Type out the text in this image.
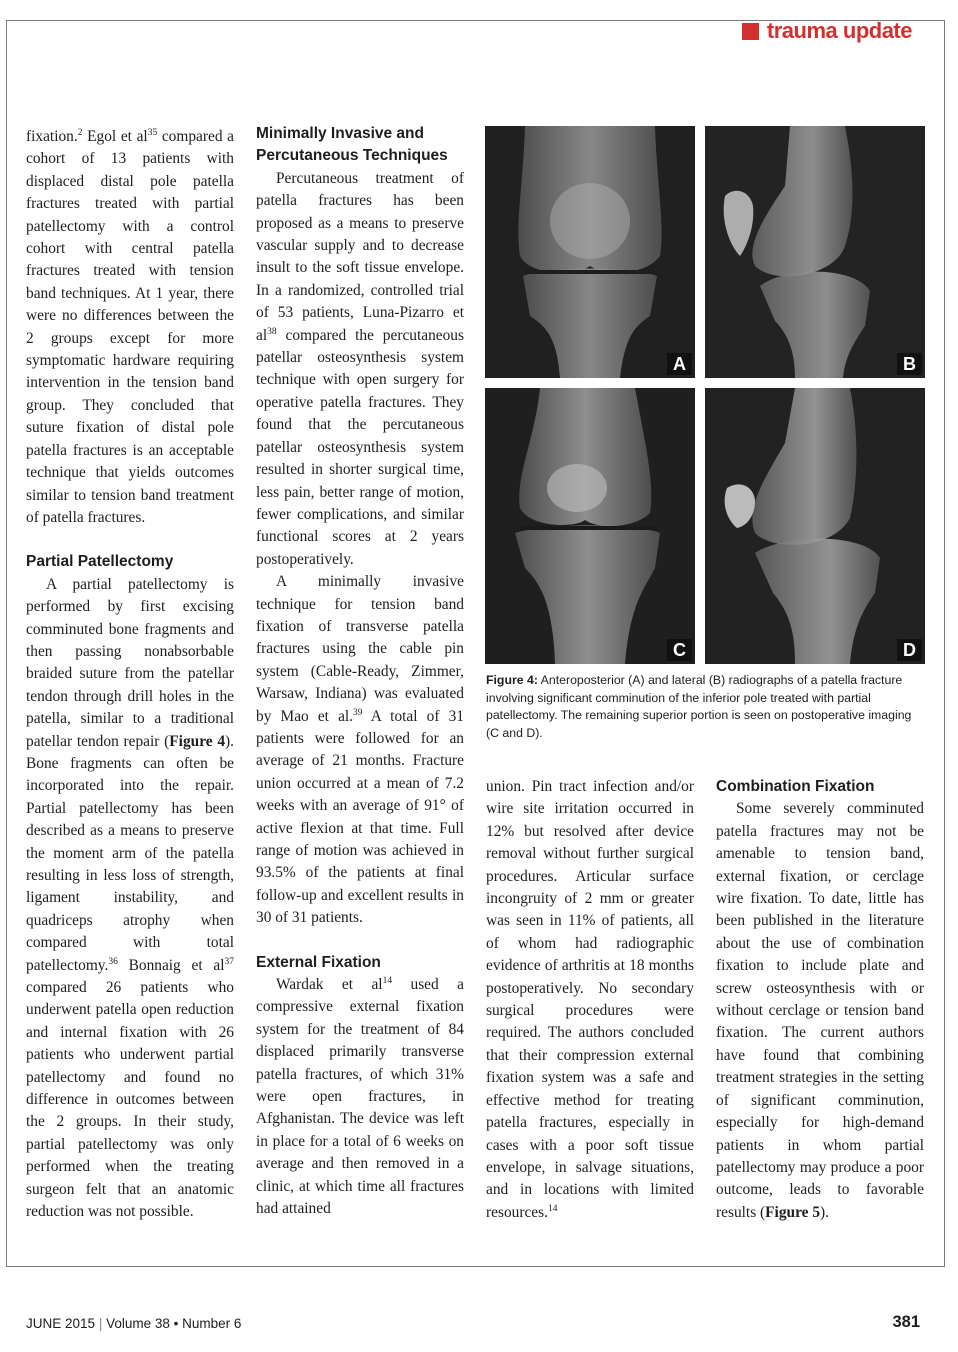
trauma update

fixation.$^2$ Egol et $al^{35}$ compared a cohort of 13 patients with displaced distal pole patella fractures treated with partial patellectomy with a control cohort with central patella fractures treated with tension band techniques. At 1 year, there were no differences between the 2 groups except for more symptomatic hardware requiring intervention in the tension band group. They concluded that suture fixation of distal pole patella fractures is an acceptable technique that yields outcomes similar to tension band treatment of patella fractures.

Partial Patellectomy

A partial patellectomy is performed by first excising comminuted bone fragments and then passing nonabsorbable braided suture from the patellar tendon through drill holes in the patella, similar to a traditional patellar tendon repair (Figure 4). Bone fragments can often be incorporated into the repair. Partial patellectomy has been described as a means to preserve the moment arm of the patella resulting in less loss of strength, ligament instability, and quadriceps atrophy when compared with total patellectomy.$^{36}$ Bonnaig et $al^{37}$ compared 26 patients who underwent patella open reduction and internal fixation with 26 patients who underwent partial patellectomy and found no difference in outcomes between the 2 groups. In their study, partial patellectomy was only performed when the treating surgeon felt that an anatomic reduction was not possible.

Minimally Invasive and Percutaneous Techniques

Percutaneous treatment of patella fractures has been proposed as a means to preserve vascular supply and to decrease insult to the soft tissue envelope. In a randomized, controlled trial of 53 patients, Luna-Pizarro et $al^{38}$ compared the percutaneous patellar osteosynthesis system technique with open surgery for operative patella fractures. They found that the percutaneous patellar osteosynthesis system resulted in shorter surgical time, less pain, better range of motion, fewer complications, and similar functional scores at 2 years postoperatively.

A minimally invasive technique for tension band fixation of transverse patella fractures using the cable pin system (Cable-Ready, Zimmer, Warsaw, Indiana) was evaluated by Mao et al.$^{39}$ A total of 31 patients were followed for an average of 21 months. Fracture union occurred at a mean of 7.2 weeks with an average of 91° of active flexion at that time. Full range of motion was achieved in 93.5% of the patients at final follow-up and excellent results in 30 of 31 patients.

External Fixation

Wardak et $al^{14}$ used a compressive external fixation system for the treatment of 84 displaced primarily transverse patella fractures, of which 31% were open fractures, in Afghanistan. The device was left in place for a total of 6 weeks on average and then removed in a clinic, at which time all fractures had attained

A	B
C	D
Figure 4: Anteroposterior (A) and lateral (B) radiographs of a patella fracture involving significant comminution of the inferior pole treated with partial patellectomy. The remaining superior portion is seen on postoperative imaging (C and D).

union. Pin tract infection and/or wire site irritation occurred in 12% but resolved after device removal without further surgical procedures. Articular surface incongruity of 2 mm or greater was seen in 11% of patients, all of whom had radiographic evidence of arthritis at 18 months postoperatively. No secondary surgical procedures were required. The authors concluded that their compression external fixation system was a safe and effective method for treating patella fractures, especially in cases with a poor soft tissue envelope, in salvage situations, and in locations with limited resources.$^{14}$

Combination Fixation

Some severely comminuted patella fractures may not be amenable to tension band, external fixation, or cerclage wire fixation. To date, little has been published in the literature about the use of combination fixation to include plate and screw osteosynthesis with or without cerclage or tension band fixation. The current authors have found that combining treatment strategies in the setting of significant comminution, especially for high-demand patients in whom partial patellectomy may produce a poor outcome, leads to favorable results (Figure 5).

JUNE 2015 | Volume 38 • Number 6	381
